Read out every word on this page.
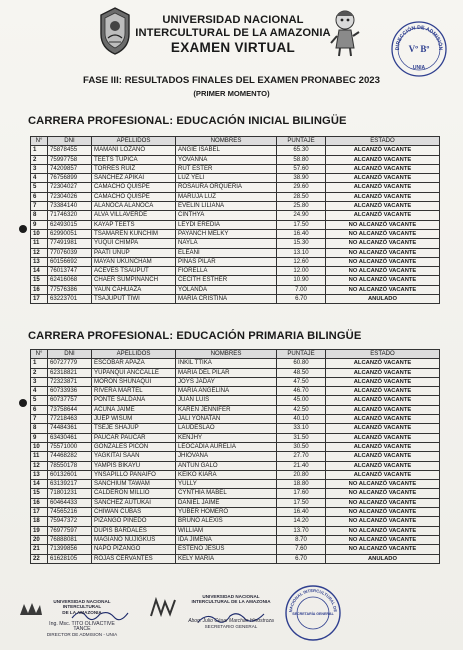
UNIVERSIDAD NACIONAL
INTERCULTURAL DE LA AMAZONIA
EXAMEN VIRTUAL	DIRECCIÓN DE ADMISIÓN
Vº Bº
UNIA
FASE III: RESULTADOS FINALES DEL EXAMEN PRONABEC 2023
(PRIMER MOMENTO)
CARRERA PROFESIONAL: EDUCACIÓN INICIAL BILINGÜE
N°	DNI	APELLIDOS	NOMBRES	PUNTAJE	ESTADO
1	75878455	MAMANI LOZANO	ANGIE ISABEL	65.30	ALCANZÓ VACANTE
2	75997758	TEETS TUPICA	YOVANNA	58.80	ALCANZÓ VACANTE
3	74209857	TORRES RUIZ	RUT ESTER	57.60	ALCANZÓ VACANTE
4	76756899	SANCHEZ APIKAI	LUZ YELI	38.90	ALCANZÓ VACANTE
5	72304027	CAMACHO QUISPE	ROSAURA ORQUERIA	29.60	ALCANZÓ VACANTE
6	72304026	CAMACHO QUISPE	MARUJA LUZ	28.50	ALCANZÓ VACANTE
7	73384140	ALANOCA ALANOCA	EVELIN LILIANA	25.80	ALCANZÓ VACANTE
8	71746320	ALVA VILLAVERDE	CINTHYA	24.90	ALCANZÓ VACANTE
9	62493015	KAYAP TEETS	LEYDI EREDIA	17.50	NO ALCANZÓ VACANTE
10	62990051	TSAMAREN KUNCHIM	PAYANCH MELKY	16.40	NO ALCANZÓ VACANTE
11	77491981	YUQUI CHIMPA	NAYLA	15.30	NO ALCANZÓ VACANTE
12	77076039	PAATI UNUP	ELEANI	13.10	NO ALCANZÓ VACANTE
13	60156692	MAYAN UKUNCHAM	PINAS PILAR	12.60	NO ALCANZÓ VACANTE
14	76013747	ACEVES TSAUPUT	FIORELLA	12.00	NO ALCANZÓ VACANTE
15	62416068	CHAER SUMPINANCH	CECITH ESTHER	10.90	NO ALCANZÓ VACANTE
16	77576386	YAUN CAHUAZA	YOLANDA	7.00	NO ALCANZÓ VACANTE
17	63223701	TSAJUPUT TIWI	MARÍA CRISTINA	6.70	ANULADO
CARRERA PROFESIONAL: EDUCACIÓN PRIMARIA BILINGÜE
N°	DNI	APELLIDOS	NOMBRES	PUNTAJE	ESTADO
1	60727779	ESCOBAR APAZA	INKIL TTIKA	60.80	ALCANZÓ VACANTE
2	62318821	YUPANQUI ANCCALLE	MARIA DEL PILAR	48.50	ALCANZÓ VACANTE
3	72323871	MORON SHUÑAQUI	JOYS JADAY	47.50	ALCANZÓ VACANTE
4	60733936	RIVERA MARTEL	MARIA ANGELINA	46.70	ALCANZÓ VACANTE
5	60737757	PONTE SALDAÑA	JUAN LUIS	45.00	ALCANZÓ VACANTE
6	73758644	ACUÑA JAIME	KAREN JENNIFER	42.50	ALCANZÓ VACANTE
7	77218463	JUEP WISUM	JALI YONATAN	40.10	ALCANZÓ VACANTE
8	74484361	TSEJE SHAJUP	LAUDESLAO	33.10	ALCANZÓ VACANTE
9	63430461	PAUCAR PAUCAR	KENJHY	31.50	ALCANZÓ VACANTE
10	75571000	GONZALES PICON	LEOCADIA AURELIA	30.50	ALCANZÓ VACANTE
11	74468282	YAGKITAI SAAN	JHIOVANA	27.70	ALCANZÓ VACANTE
12	78550178	YAMPIS BIKAYU	ANTUN GALO	21.40	ALCANZÓ VACANTE
13	60132601	YNSAPILLO PANAIFO	KEIKO KIARA	20.80	ALCANZÓ VACANTE
14	63139217	SANCHIUM TAWAM	YULLY	18.80	NO ALCANZÓ VACANTE
15	71801231	CALDERON MILLIO	CYNTHIA MABEL	17.60	NO ALCANZÓ VACANTE
16	60464433	SANCHEZ AUTUKAI	DANIEL JAIME	17.50	NO ALCANZÓ VACANTE
17	74565216	CHIWAN CUBAS	YUBER HOMERO	16.40	NO ALCANZÓ VACANTE
18	75947372	PIZANGO PINEDO	BRUNO ALEXIS	14.20	NO ALCANZÓ VACANTE
19	76977597	DUPIS BARDALES	WILLIAM	13.70	NO ALCANZÓ VACANTE
20	76888081	MAGIANO NUJIGKUS	IDA JIMENA	8.70	NO ALCANZÓ VACANTE
21	71399856	NAPO PIZANGO	ESTENO JESUS	7.60	NO ALCANZÓ VACANTE
22	61628105	ROJAS CERVANTES	KELY MARIA	6.70	ANULADO
UNIVERSIDAD NACIONAL INTERCULTURAL
DE LA AMAZONIA
Ing. Msc. TITO OLIVACTIVE TANCE
DIRECTOR DE ADMISION - UNIA
UNIVERSIDAD NACIONAL
INTERCULTURAL DE LA AMAZONIA
Abog. Julio César Marchán Hinostroza
SECRETARIO GENERAL
NACIONAL INTERCULTURAL DE
SECRETARÍA GENERAL
